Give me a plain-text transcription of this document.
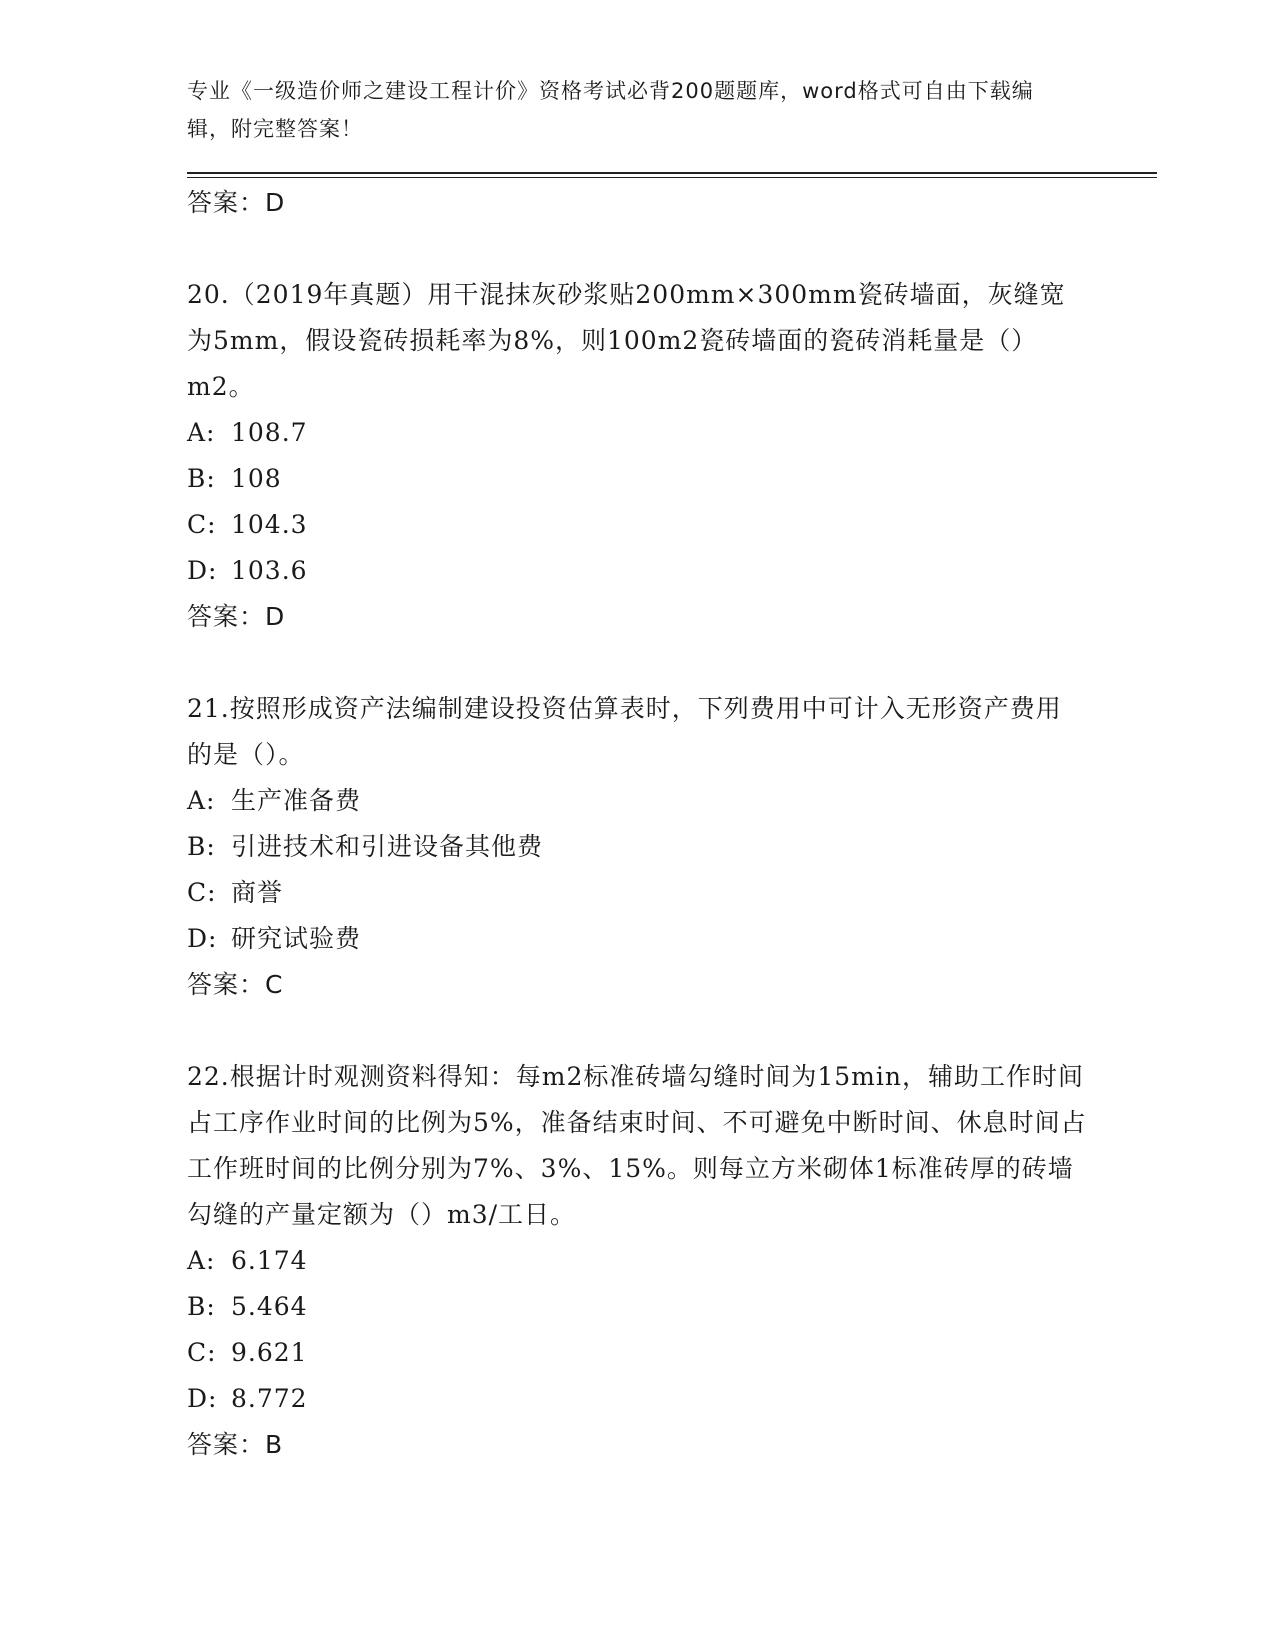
专业《一级造价师之建设工程计价》资格考试必背200题题库，word格式可自由下载编辑，附完整答案！
答案：D
20.（2019年真题）用干混抹灰砂浆贴200mm×300mm瓷砖墙面，灰缝宽为5mm，假设瓷砖损耗率为8%，则100m2瓷砖墙面的瓷砖消耗量是（）m2。
A: 108.7
B: 108
C: 104.3
D: 103.6
答案：D
21.按照形成资产法编制建设投资估算表时，下列费用中可计入无形资产费用的是（）。
A: 生产准备费
B: 引进技术和引进设备其他费
C: 商誉
D: 研究试验费
答案：C
22.根据计时观测资料得知：每m2标准砖墙勾缝时间为15min，辅助工作时间占工序作业时间的比例为5%，准备结束时间、不可避免中断时间、休息时间占工作班时间的比例分别为7%、3%、15%。则每立方米砌体1标准砖厚的砖墙勾缝的产量定额为（）m3/工日。
A: 6.174
B: 5.464
C: 9.621
D: 8.772
答案：B
